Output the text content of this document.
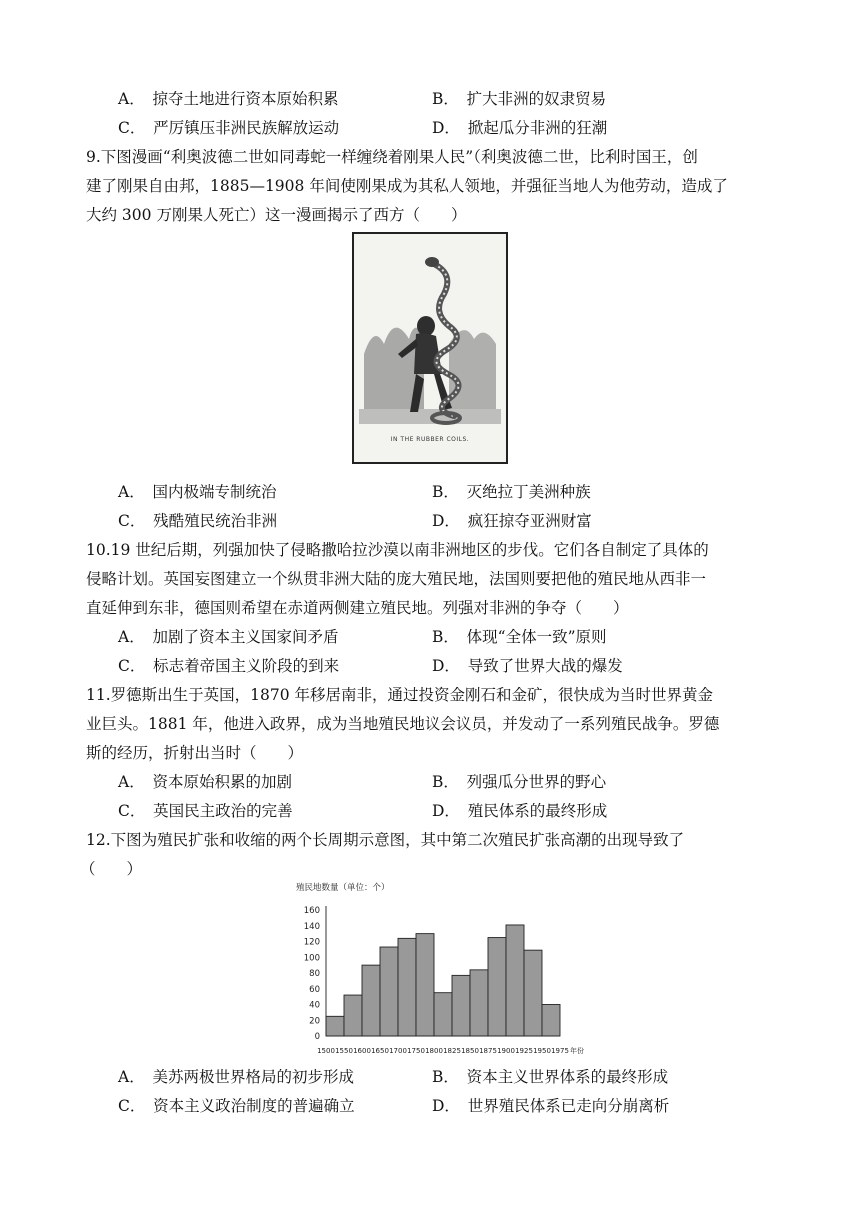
A．　 掠夺土地进行资本原始积累	B．　 扩大非洲的奴隶贸易
C．　 严厉镇压非洲民族解放运动	D．　 掀起瓜分非洲的狂潮
9.下图漫画“利奥波德二世如同毒蛇一样缠绕着刚果人民”（利奥波德二世，比利时国王，创
建了刚果自由邦，1885—1908 年间使刚果成为其私人领地，并强征当地人为他劳动，造成了
大约 300 万刚果人死亡）这一漫画揭示了西方（　　）
IN THE RUBBER COILS.
A．　 国内极端专制统治	B．　 灭绝拉丁美洲种族
C．　 残酷殖民统治非洲	D．　 疯狂掠夺亚洲财富
10.19 世纪后期，列强加快了侵略撒哈拉沙漠以南非洲地区的步伐。它们各自制定了具体的
侵略计划。英国妄图建立一个纵贯非洲大陆的庞大殖民地，法国则要把他的殖民地从西非一
直延伸到东非，德国则希望在赤道两侧建立殖民地。列强对非洲的争夺（　　）
A．　 加剧了资本主义国家间矛盾	B．　 体现“全体一致”原则
C．　 标志着帝国主义阶段的到来	D．　 导致了世界大战的爆发
11.罗德斯出生于英国，1870 年移居南非，通过投资金刚石和金矿，很快成为当时世界黄金
业巨头。1881 年，他进入政界，成为当地殖民地议会议员，并发动了一系列殖民战争。罗德
斯的经历，折射出当时（　　）
A．　 资本原始积累的加剧	B．　 列强瓜分世界的野心
C．　 英国民主政治的完善	D．　 殖民体系的最终形成
12.下图为殖民扩张和收缩的两个长周期示意图，其中第二次殖民扩张高潮的出现导致了
（　　）
殖民地数量（单位：个）
0
20
40
60
80
100
120
140
160
1500 1550 1600 1650 1700 1750 1800 1825 1850 1875 1900 1925 1950 1975 年份
A．　 美苏两极世界格局的初步形成	B．　 资本主义世界体系的最终形成
C．　 资本主义政治制度的普遍确立	D．　 世界殖民体系已走向分崩离析
